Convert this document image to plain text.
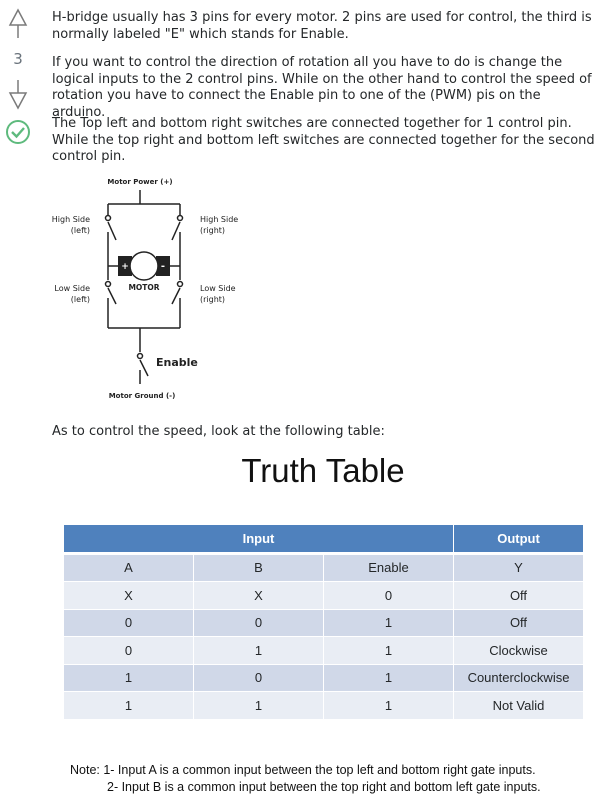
3

H-bridge usually has 3 pins for every motor. 2 pins are used for control, the third is normally labeled "E" which stands for Enable.

If you want to control the direction of rotation all you have to do is change the logical inputs to the 2 control pins. While on the other hand to control the speed of rotation you have to connect the Enable pin to one of the (PWM) pis on the arduino.

The Top left and bottom right switches are connected together for 1 control pin. While the top right and bottom left switches are connected together for the second control pin.

As to control the speed, look at the following table:

+	-
Motor Power (+)
High Side (left)
High Side (right)
Low Side (left)
Low Side (right)
MOTOR
Enable
Motor Ground (-)
Truth Table
Input			Output
A	B	Enable	Y
X	X	0	Off
0	0	1	Off
0	1	1	Clockwise
1	0	1	Counterclockwise
1	1	1	Not Valid
Note: 1- Input A is a common input between the top left and bottom right gate inputs.
2- Input B is a common input between the top right and bottom left gate inputs.
